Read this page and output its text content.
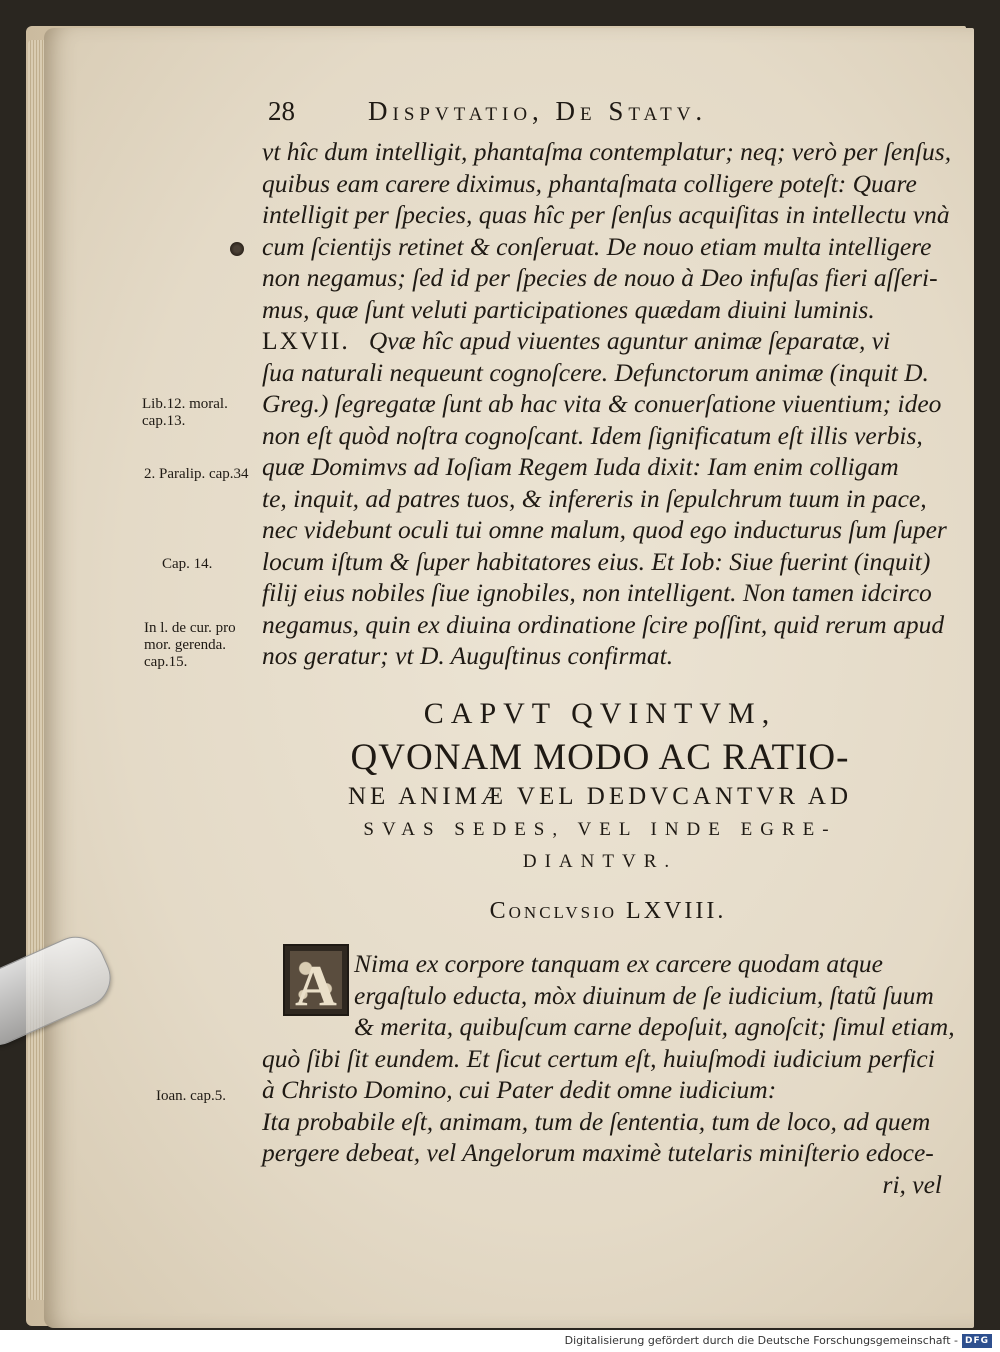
28	Dispvtatio, De Statv.
vt hîc dum intelligit, phantaſma contemplatur; neq; verò per ſenſus,
quibus eam carere diximus, phantaſmata colligere poteſt: Quare
intelligit per ſpecies, quas hîc per ſenſus acquiſitas in intellectu vnà
cum ſcientijs retinet & conſeruat. De nouo etiam multa intelligere
non negamus; ſed id per ſpecies de nouo à Deo infuſas fieri aſſeri-
mus, quæ ſunt veluti participationes quædam diuini luminis.
LXVII. Qvæ hîc apud viuentes aguntur animæ ſeparatæ, vi
ſua naturali nequeunt cognoſcere. Defunctorum animæ (inquit D.
Greg.) ſegregatæ ſunt ab hac vita & conuerſatione viuentium; ideo
non eſt quòd noſtra cognoſcant. Idem ſignificatum eſt illis verbis,
quæ Domimvs ad Ioſiam Regem Iuda dixit: Iam enim colligam
te, inquit, ad patres tuos, & infereris in ſepulchrum tuum in pace,
nec videbunt oculi tui omne malum, quod ego inducturus ſum ſuper
locum iſtum & ſuper habitatores eius. Et Iob: Siue fuerint (inquit)
filij eius nobiles ſiue ignobiles, non intelligent. Non tamen idcirco
negamus, quin ex diuina ordinatione ſcire poſſint, quid rerum apud
nos geratur; vt D. Auguſtinus confirmat.
Lib.12. moral.
cap.13.
2. Paralip. cap.34
Cap. 14.
In l. de cur. pro
mor. gerenda.
cap.15.
Ioan. cap.5.
CAPVT QVINTVM,
QVONAM MODO AC RATIO-
NE ANIMÆ VEL DEDVCANTVR AD
SVAS SEDES, VEL INDE EGRE-
DIANTVR.
Conclvsio LXVIII.
A Nima ex corpore tanquam ex carcere quodam atque
ergaſtulo educta, mòx diuinum de ſe iudicium, ſtatũ ſuum
& merita, quibuſcum carne depoſuit, agnoſcit; ſimul etiam,
quò ſibi ſit eundem. Et ſicut certum eſt, huiuſmodi iudicium perfici
à Christo Domino, cui Pater dedit omne iudicium:
Ita probabile eſt, animam, tum de ſententia, tum de loco, ad quem
pergere debeat, vel Angelorum maximè tutelaris miniſterio edoce-
ri, vel
Digitalisierung gefördert durch die Deutsche Forschungsgemeinschaft - DFG
